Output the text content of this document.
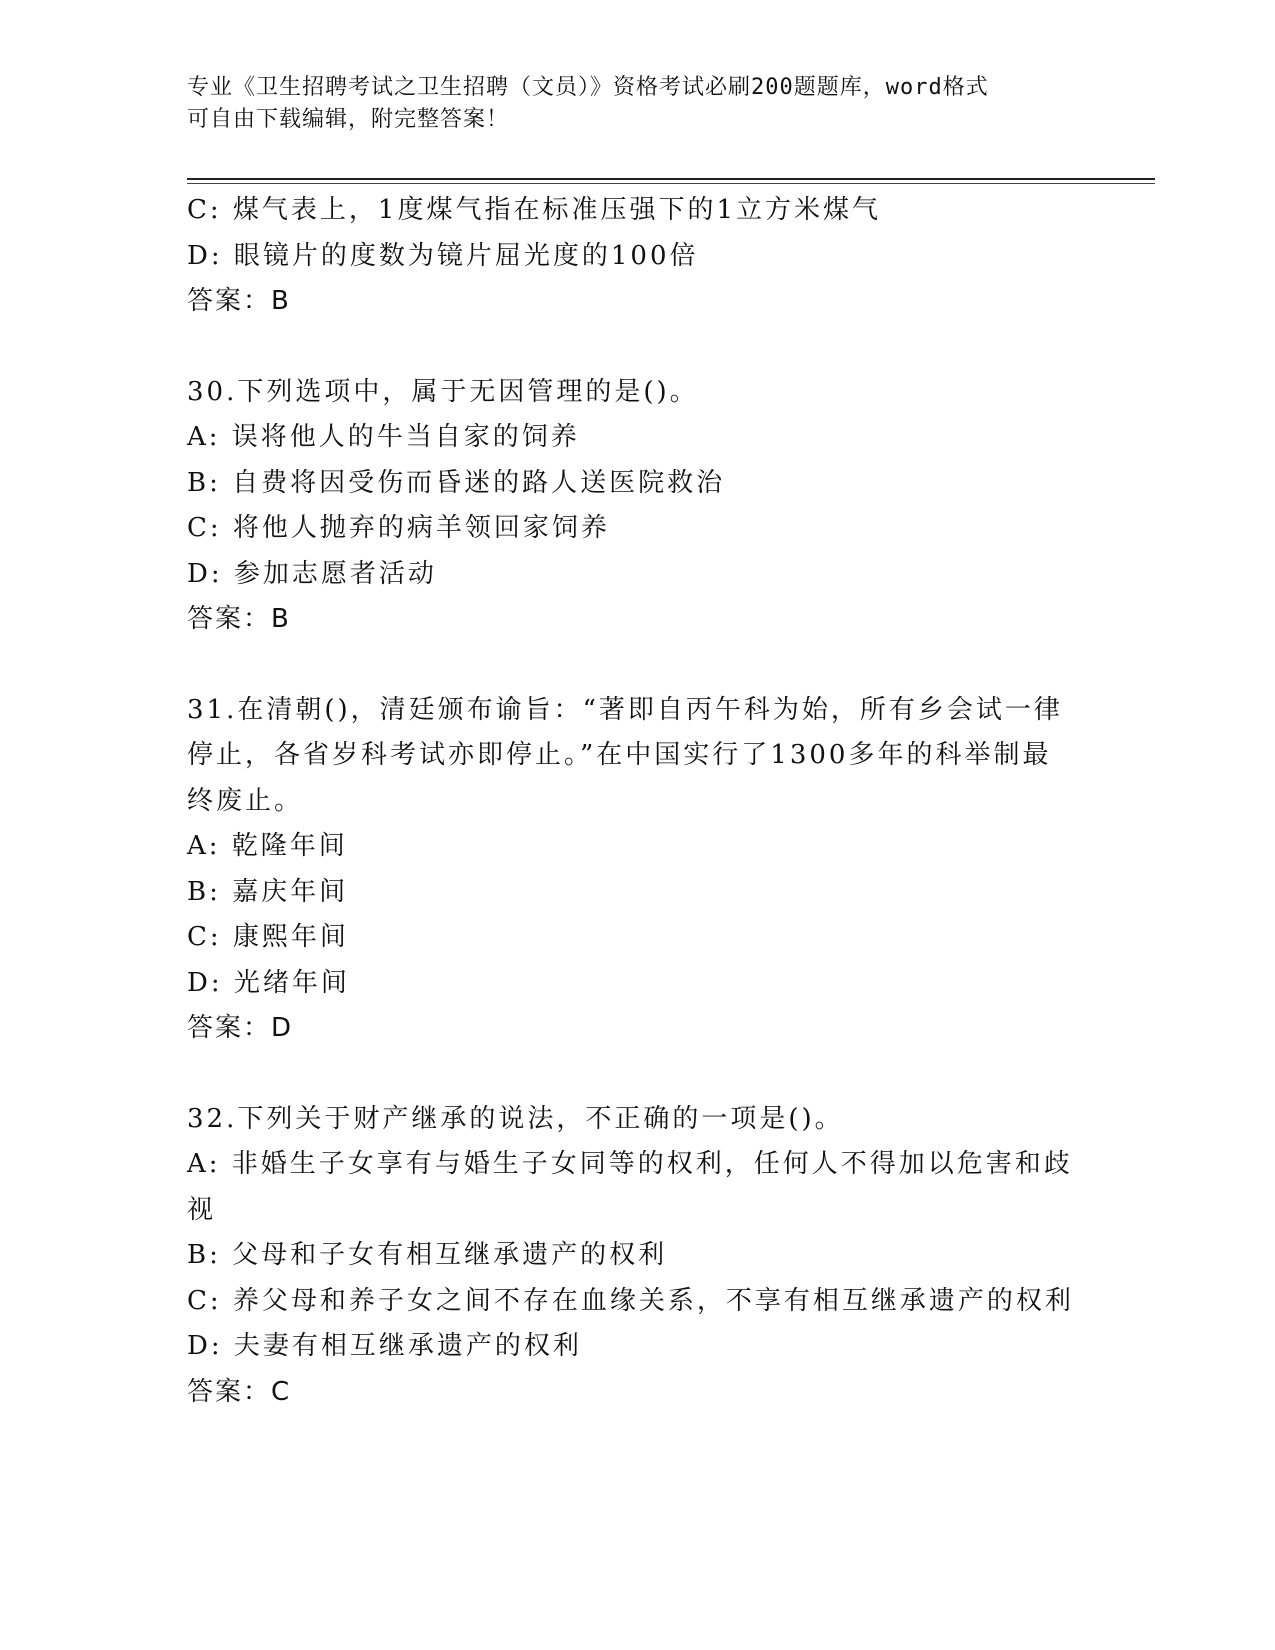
专业《卫生招聘考试之卫生招聘（文员）》资格考试必刷200题题库，word格式
可自由下载编辑，附完整答案！
C: 煤气表上，1度煤气指在标准压强下的1立方米煤气
D: 眼镜片的度数为镜片屈光度的100倍
答案：B
30.下列选项中，属于无因管理的是()。
A: 误将他人的牛当自家的饲养
B: 自费将因受伤而昏迷的路人送医院救治
C: 将他人抛弃的病羊领回家饲养
D: 参加志愿者活动
答案：B
31.在清朝()，清廷颁布谕旨：“著即自丙午科为始，所有乡会试一律
停止，各省岁科考试亦即停止。”在中国实行了1300多年的科举制最
终废止。
A: 乾隆年间
B: 嘉庆年间
C: 康熙年间
D: 光绪年间
答案：D
32.下列关于财产继承的说法，不正确的一项是()。
A: 非婚生子女享有与婚生子女同等的权利，任何人不得加以危害和歧
视
B: 父母和子女有相互继承遗产的权利
C: 养父母和养子女之间不存在血缘关系，不享有相互继承遗产的权利
D: 夫妻有相互继承遗产的权利
答案：C
